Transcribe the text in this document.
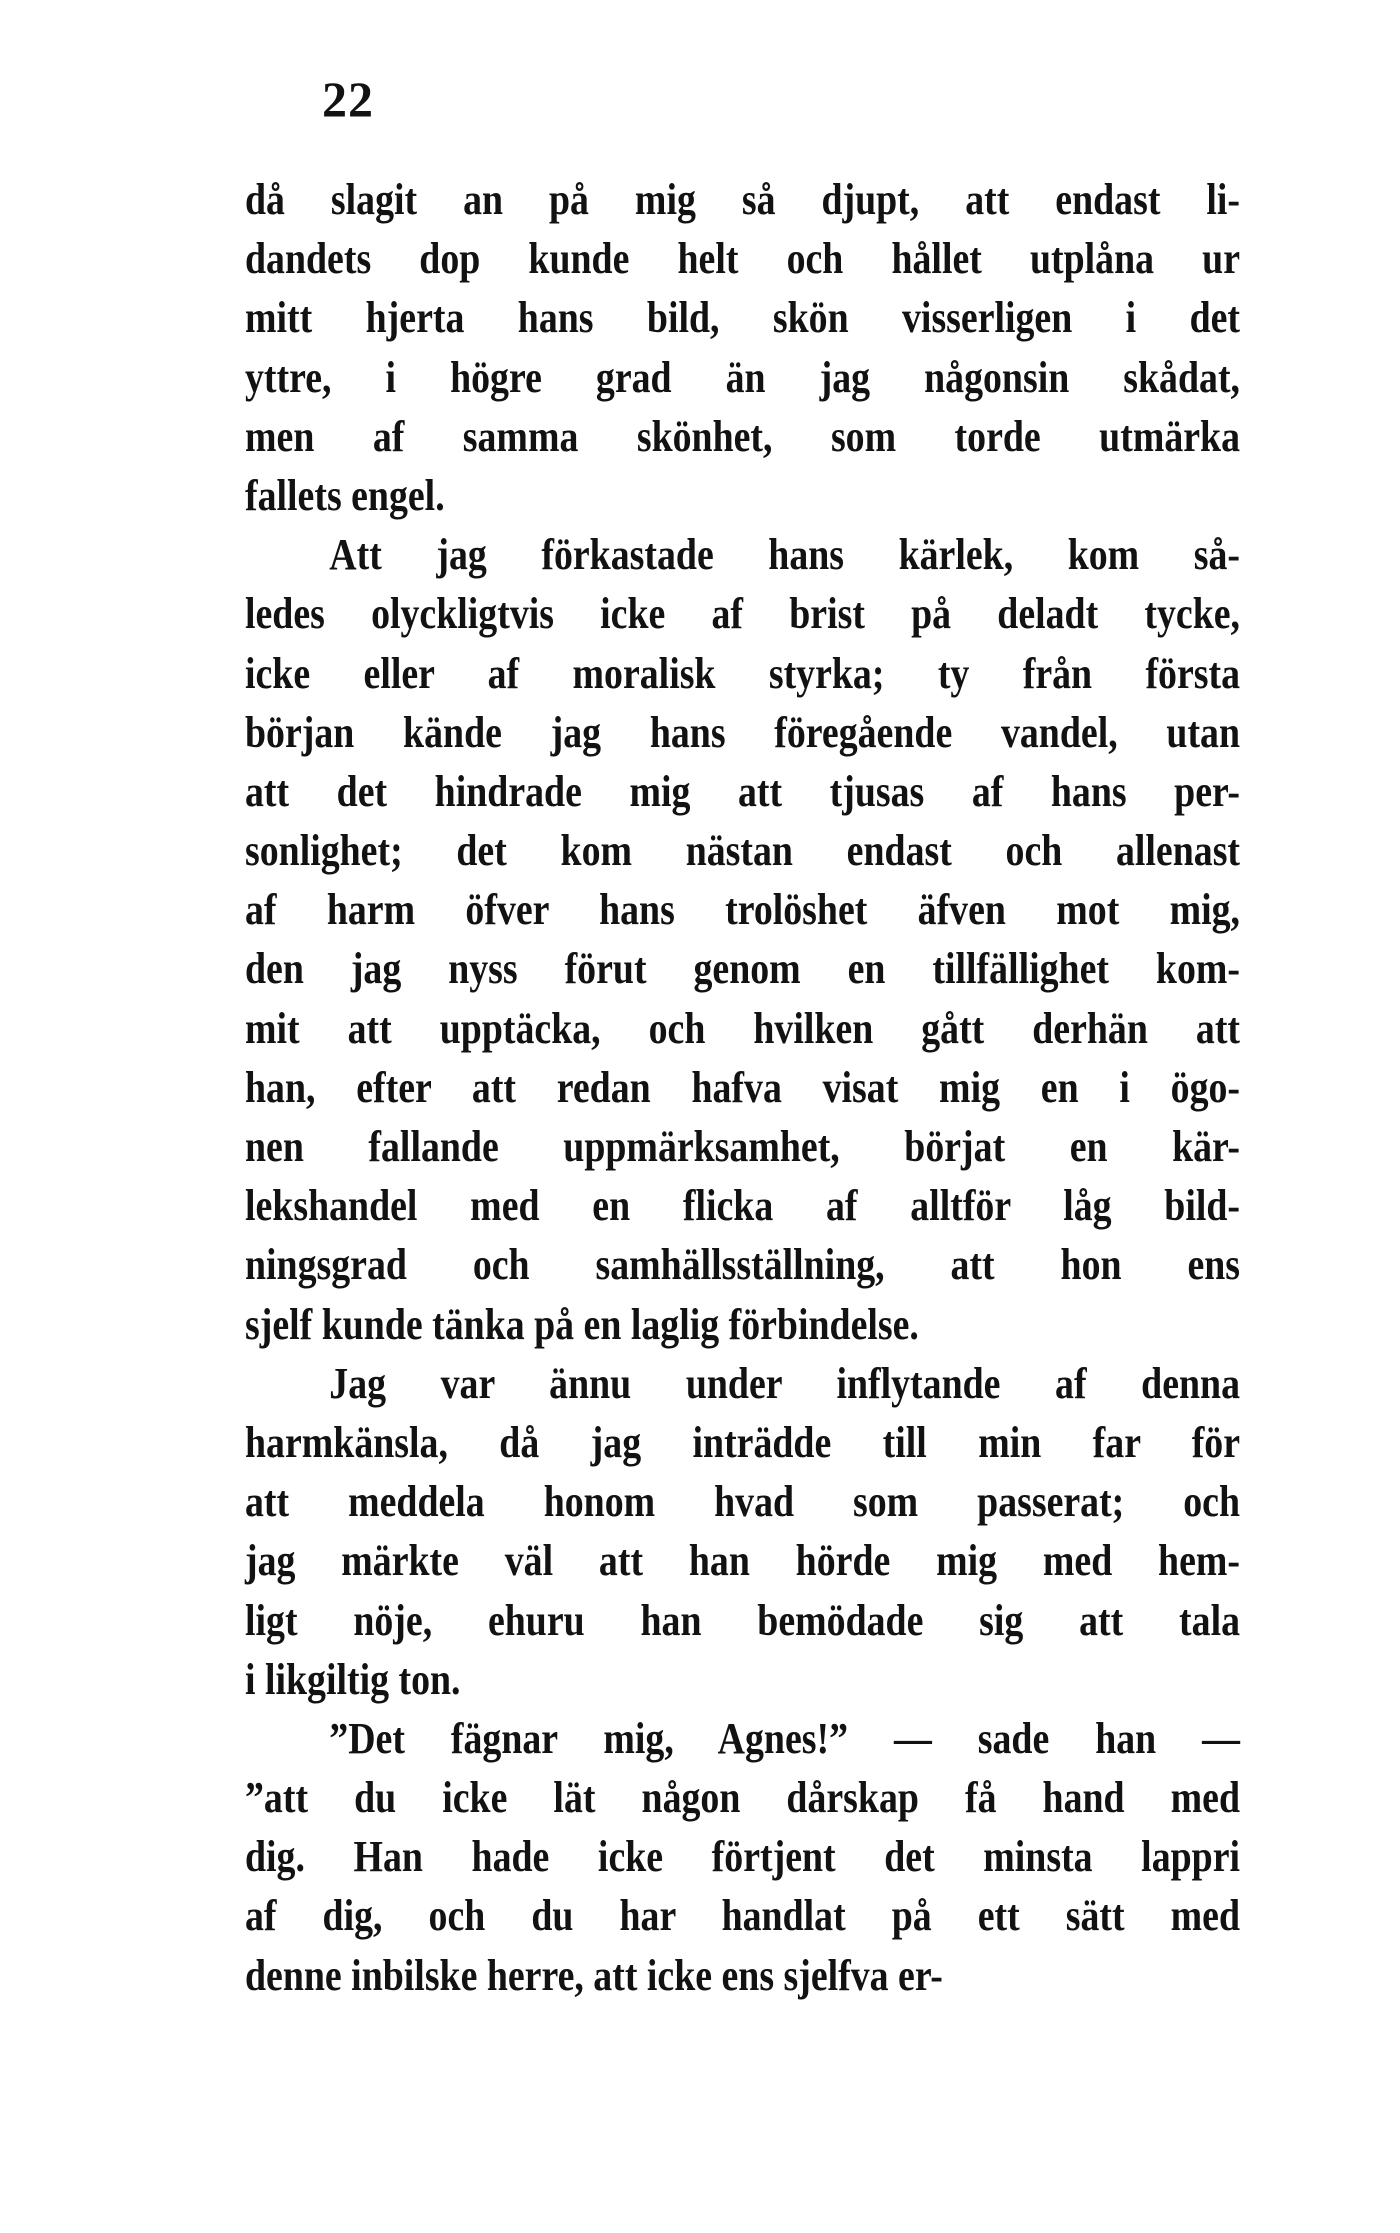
22
då slagit an på mig så djupt, att endast li-
dandets dop kunde helt och hållet utplåna ur
mitt hjerta hans bild, skön visserligen i det
yttre, i högre grad än jag någonsin skådat,
men af samma skönhet, som torde utmärka
fallets engel.
Att jag förkastade hans kärlek, kom så-
ledes olyckligtvis icke af brist på deladt tycke,
icke eller af moralisk styrka; ty från första
början kände jag hans föregående vandel, utan
att det hindrade mig att tjusas af hans per-
sonlighet; det kom nästan endast och allenast
af harm öfver hans trolöshet äfven mot mig,
den jag nyss förut genom en tillfällighet kom-
mit att upptäcka, och hvilken gått derhän att
han, efter att redan hafva visat mig en i ögo-
nen fallande uppmärksamhet, börjat en kär-
lekshandel med en flicka af alltför låg bild-
ningsgrad och samhällsställning, att hon ens
sjelf kunde tänka på en laglig förbindelse.
Jag var ännu under inflytande af denna
harmkänsla, då jag inträdde till min far för
att meddela honom hvad som passerat; och
jag märkte väl att han hörde mig med hem-
ligt nöje, ehuru han bemödade sig att tala
i likgiltig ton.
”Det fägnar mig, Agnes!” — sade han —
”att du icke lät någon dårskap få hand med
dig. Han hade icke förtjent det minsta lappri
af dig, och du har handlat på ett sätt med
denne inbilske herre, att icke ens sjelfva er-
